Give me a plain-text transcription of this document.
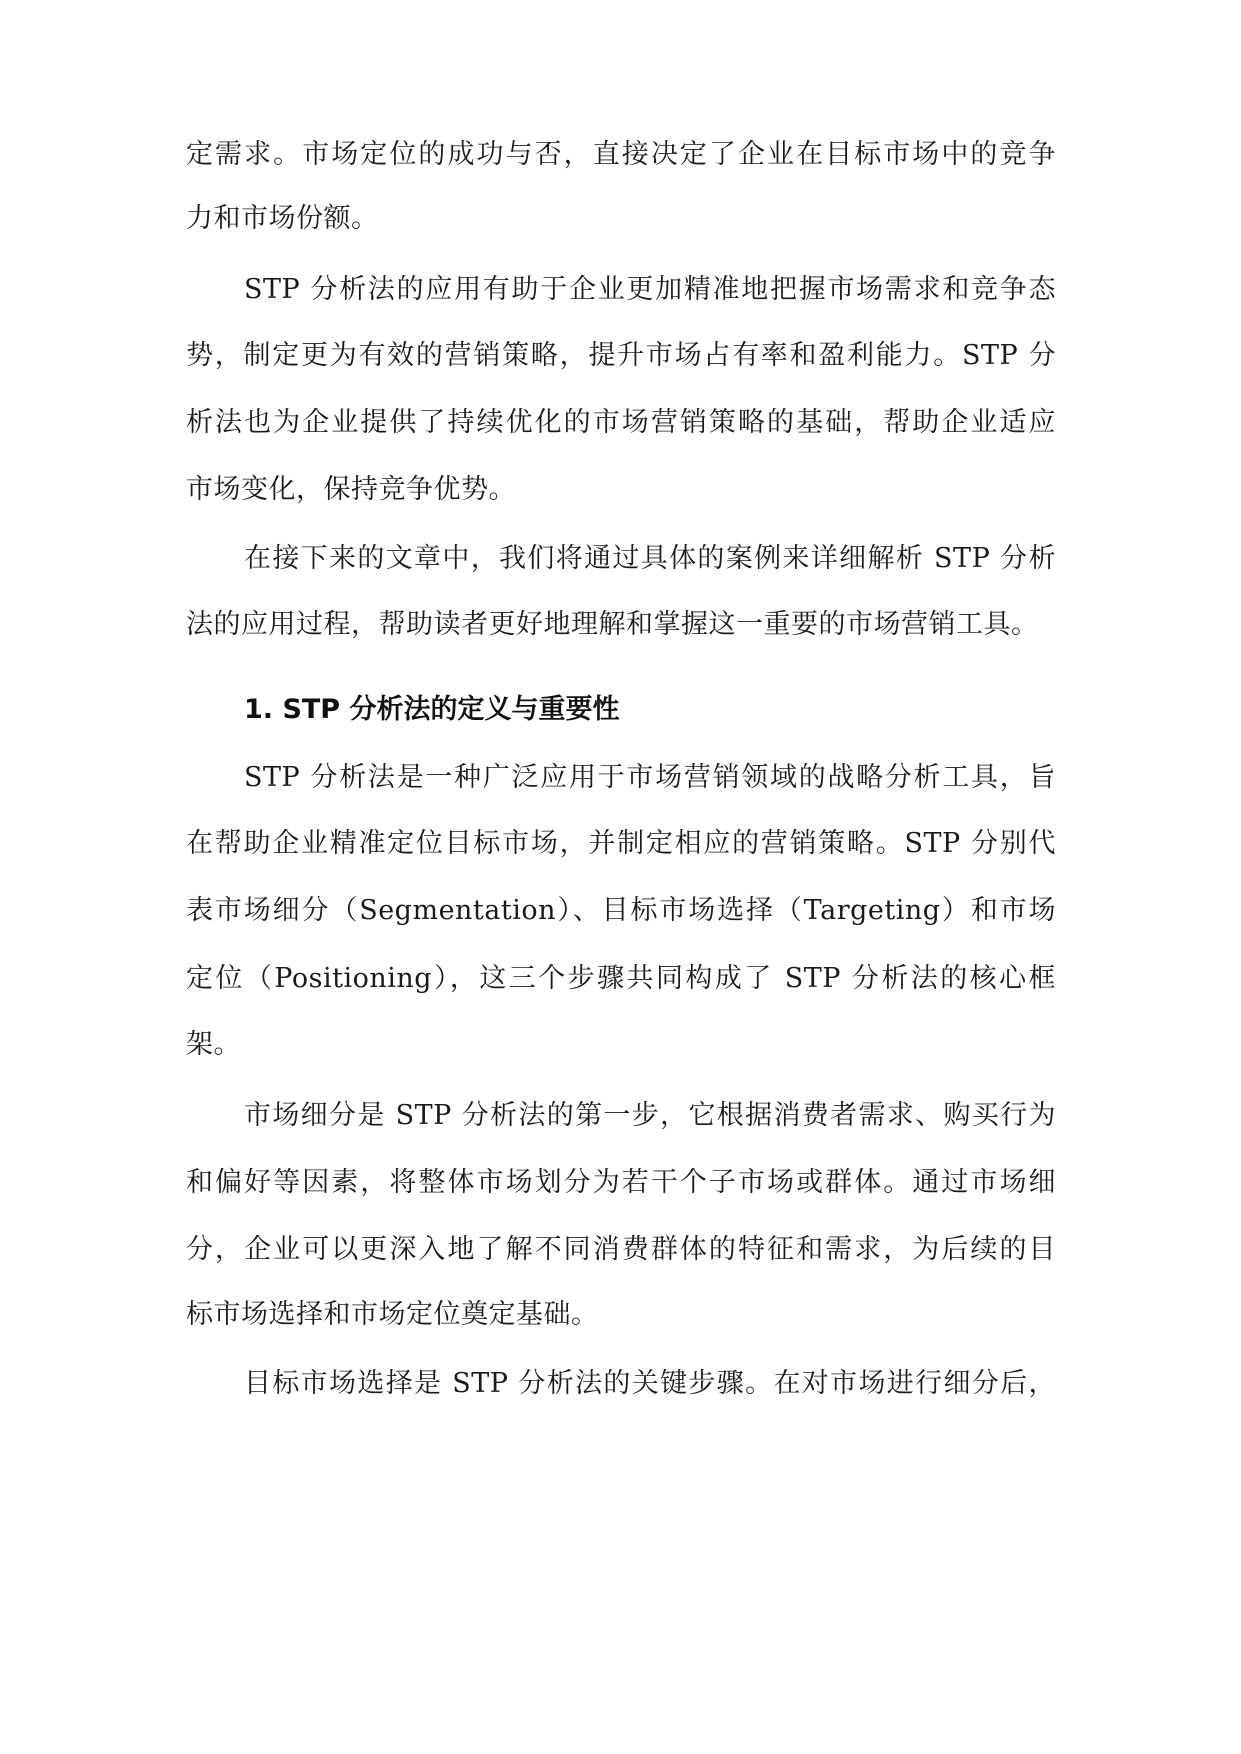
定需求。市场定位的成功与否，直接决定了企业在目标市场中的竞争
力和市场份额。
STP 分析法的应用有助于企业更加精准地把握市场需求和竞争态
势，制定更为有效的营销策略，提升市场占有率和盈利能力。STP 分
析法也为企业提供了持续优化的市场营销策略的基础，帮助企业适应
市场变化，保持竞争优势。
在接下来的文章中，我们将通过具体的案例来详细解析 STP 分析
法的应用过程，帮助读者更好地理解和掌握这一重要的市场营销工具。
1. STP 分析法的定义与重要性
STP 分析法是一种广泛应用于市场营销领域的战略分析工具，旨
在帮助企业精准定位目标市场，并制定相应的营销策略。STP 分别代
表市场细分（Segmentation）、目标市场选择（Targeting）和市场
定位（Positioning），这三个步骤共同构成了 STP 分析法的核心框
架。
市场细分是 STP 分析法的第一步，它根据消费者需求、购买行为
和偏好等因素，将整体市场划分为若干个子市场或群体。通过市场细
分，企业可以更深入地了解不同消费群体的特征和需求，为后续的目
标市场选择和市场定位奠定基础。
目标市场选择是 STP 分析法的关键步骤。在对市场进行细分后，
